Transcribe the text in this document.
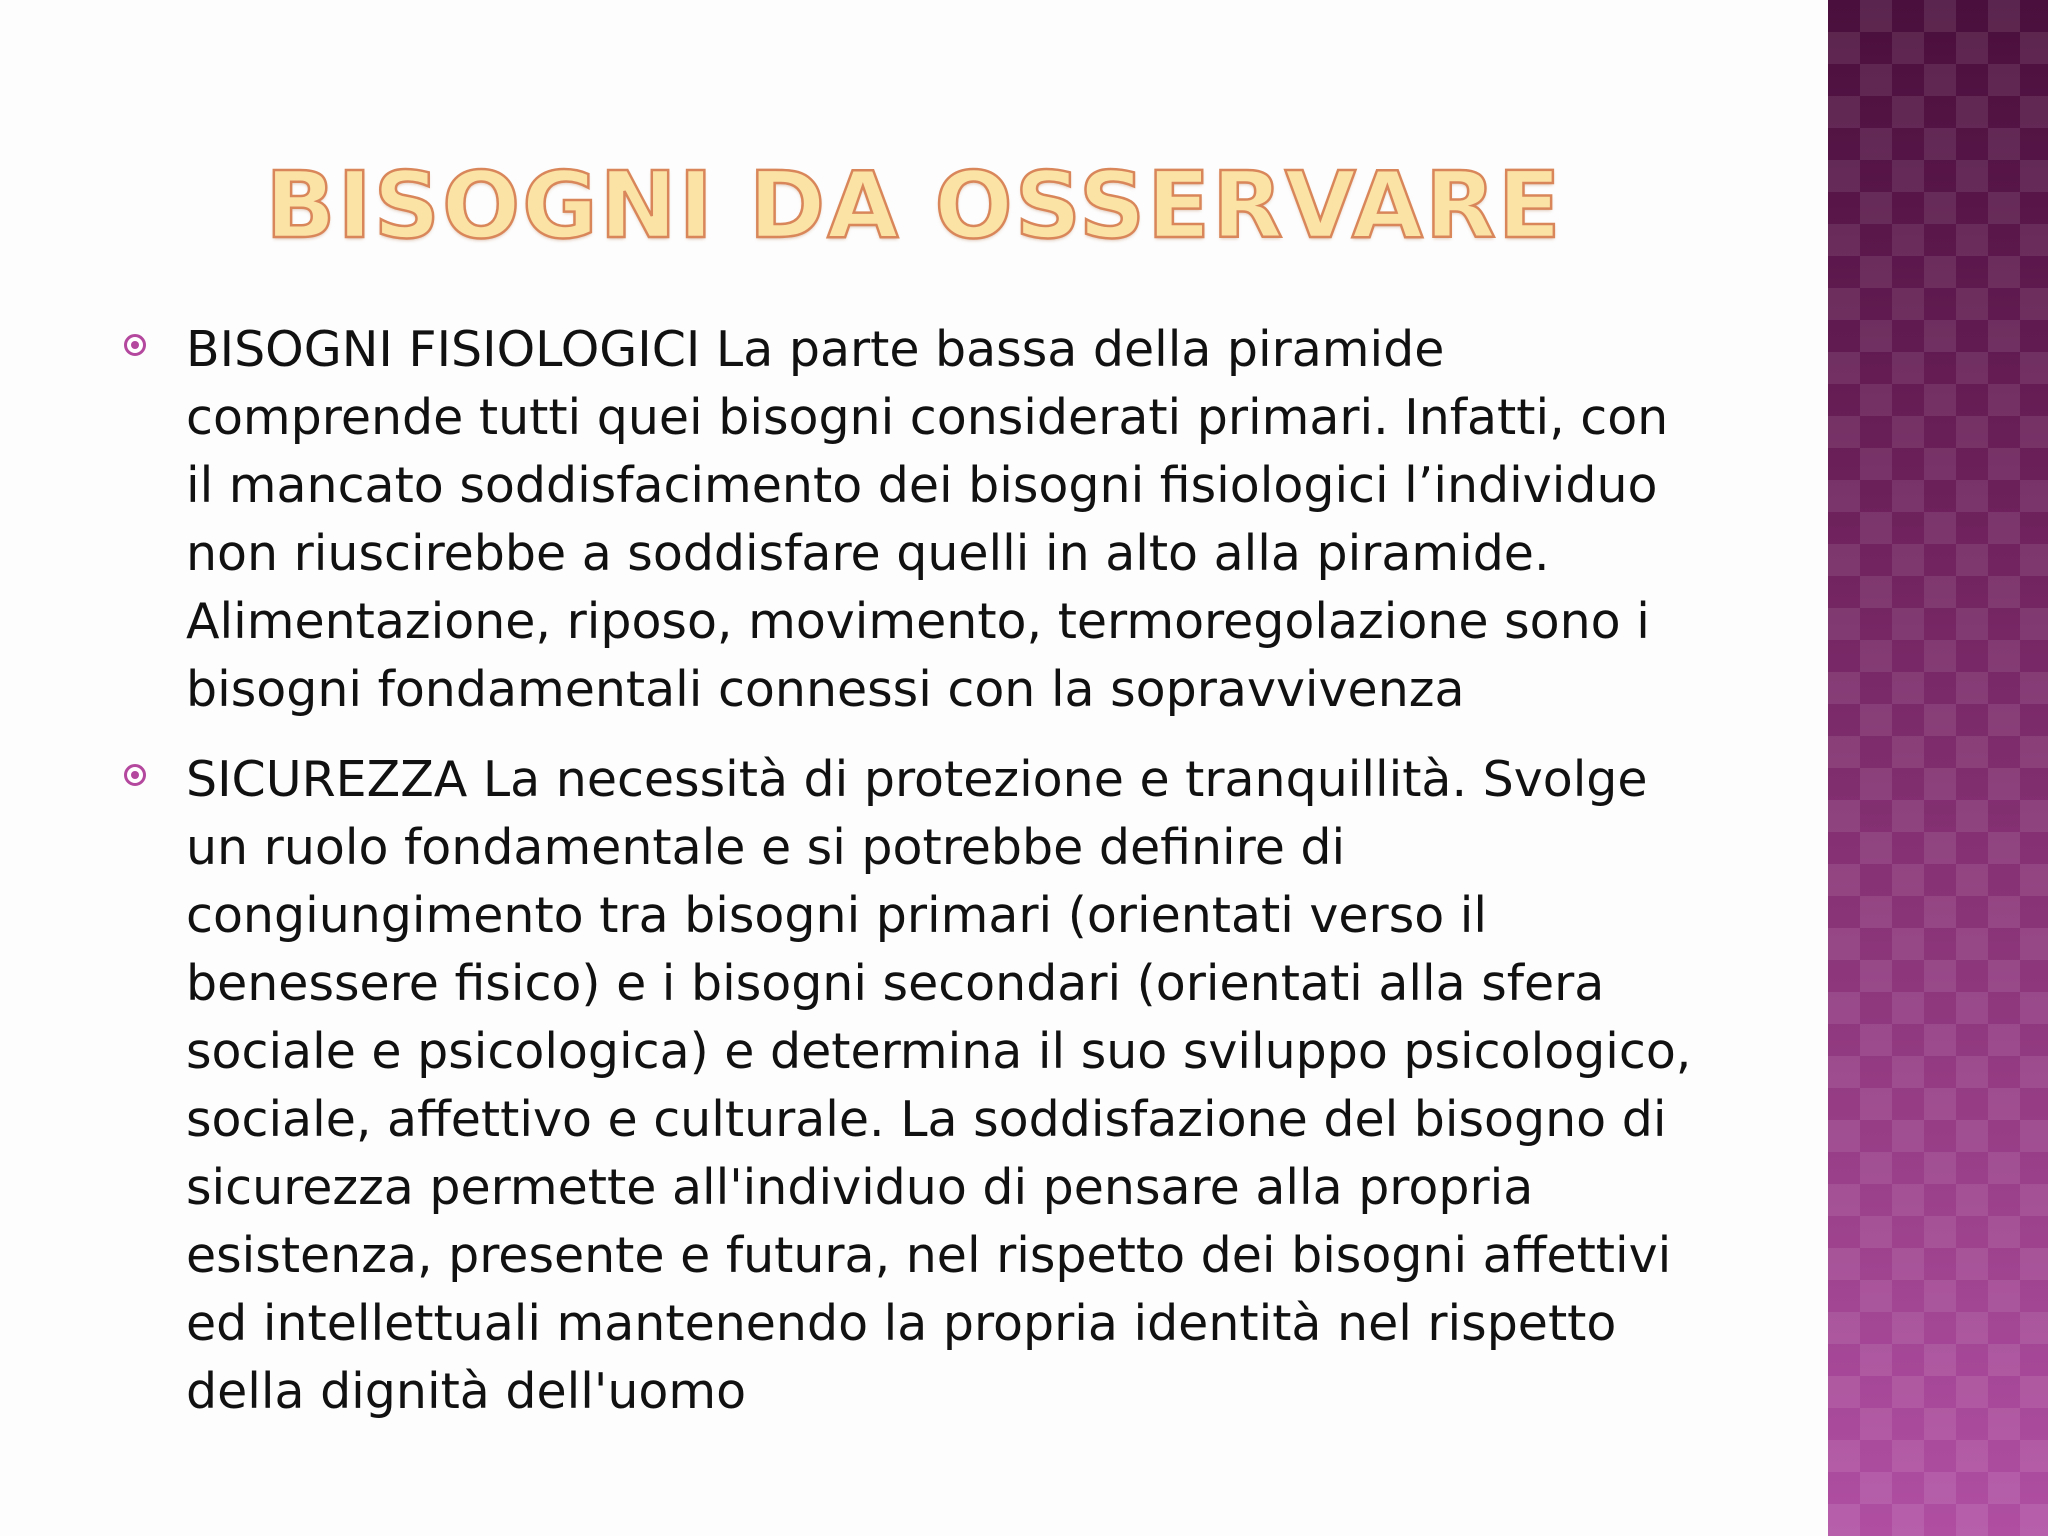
BISOGNI DA OSSERVARE
BISOGNI FISIOLOGICI La parte bassa della piramide comprende tutti quei bisogni considerati primari. Infatti, con il mancato soddisfacimento dei bisogni fisiologici l’individuo non riuscirebbe a soddisfare quelli in alto alla piramide. Alimentazione, riposo, movimento, termoregolazione sono i bisogni fondamentali connessi con la sopravvivenza
SICUREZZA La necessità di protezione e tranquillità. Svolge un ruolo fondamentale e si potrebbe definire di congiungimento tra bisogni primari (orientati verso il benessere fisico) e i bisogni secondari (orientati alla sfera sociale e psicologica) e determina il suo sviluppo psicologico, sociale, affettivo e culturale. La soddisfazione del bisogno di sicurezza permette all'individuo di pensare alla propria esistenza, presente e futura, nel rispetto dei bisogni affettivi ed intellettuali mantenendo la propria identità nel rispetto della dignità dell'uomo
